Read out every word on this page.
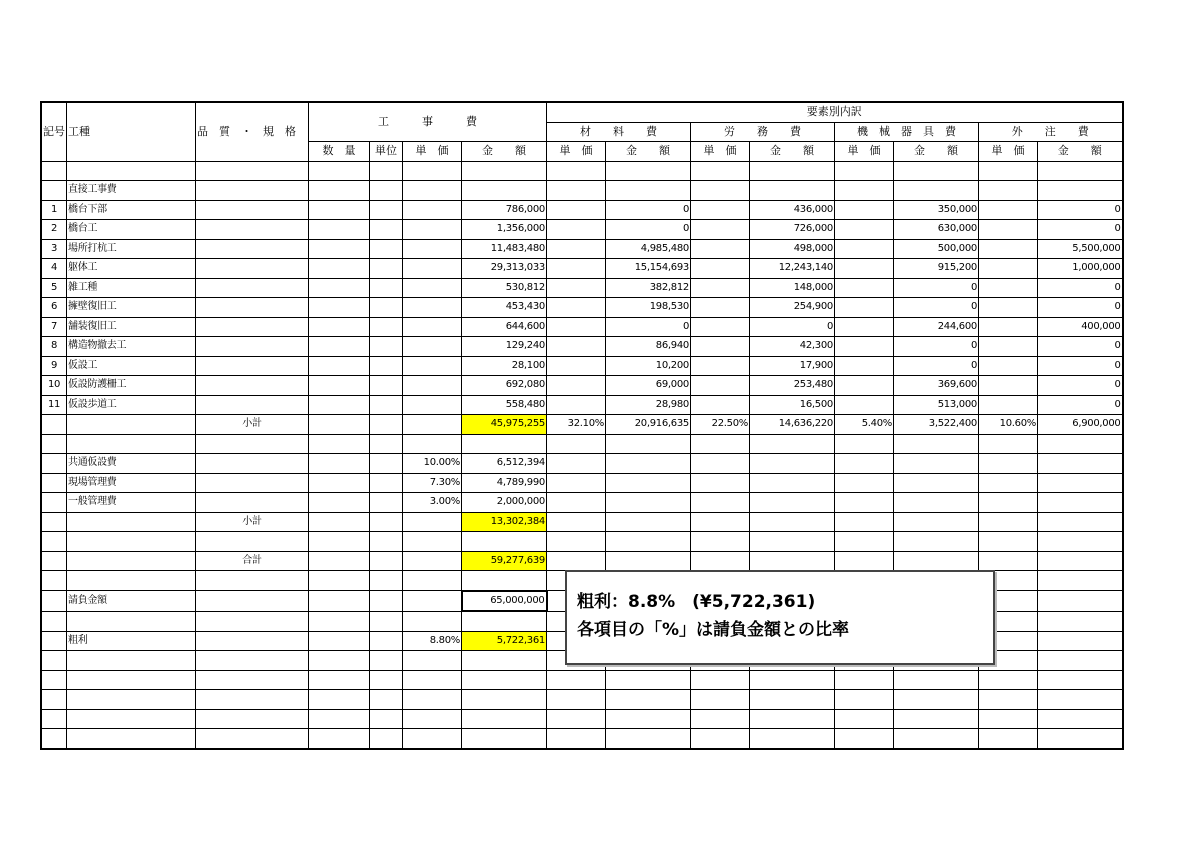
記号	工種	品　質　・　規　格	工　　　事　　　費				要素別内訳							
							材　　料　　費		労　　務　　費		機　械　器　具　費		外　　注　　費	
			数　量	単位	単　価	金　　額	単　価	金　　額	単　価	金　　額	単　価	金　　額	単　価	金　　額

	直接工事費													
1	橋台下部					786,000		0		436,000		350,000		0
2	橋台工					1,356,000		0		726,000		630,000		0
3	場所打杭工					11,483,480		4,985,480		498,000		500,000		5,500,000
4	躯体工					29,313,033		15,154,693		12,243,140		915,200		1,000,000
5	雑工種					530,812		382,812		148,000		0		0
6	擁壁復旧工					453,430		198,530		254,900		0		0
7	舗装復旧工					644,600		0		0		244,600		400,000
8	構造物撤去工					129,240		86,940		42,300		0		0
9	仮設工					28,100		10,200		17,900		0		0
10	仮設防護柵工					692,080		69,000		253,480		369,600		0
11	仮設歩道工					558,480		28,980		16,500		513,000		0
		小計				45,975,255	32.10%	20,916,635	22.50%	14,636,220	5.40%	3,522,400	10.60%	6,900,000

	共通仮設費				10.00%	6,512,394								
	現場管理費				7.30%	4,789,990								
	一般管理費				3.00%	2,000,000								
		小計				13,302,384								

		合計				59,277,639								

	請負金額					65,000,000								

	粗利				8.80%	5,722,361								

粗利：8.8%　(¥5,722,361)
各項目の「%」は請負金額との比率
